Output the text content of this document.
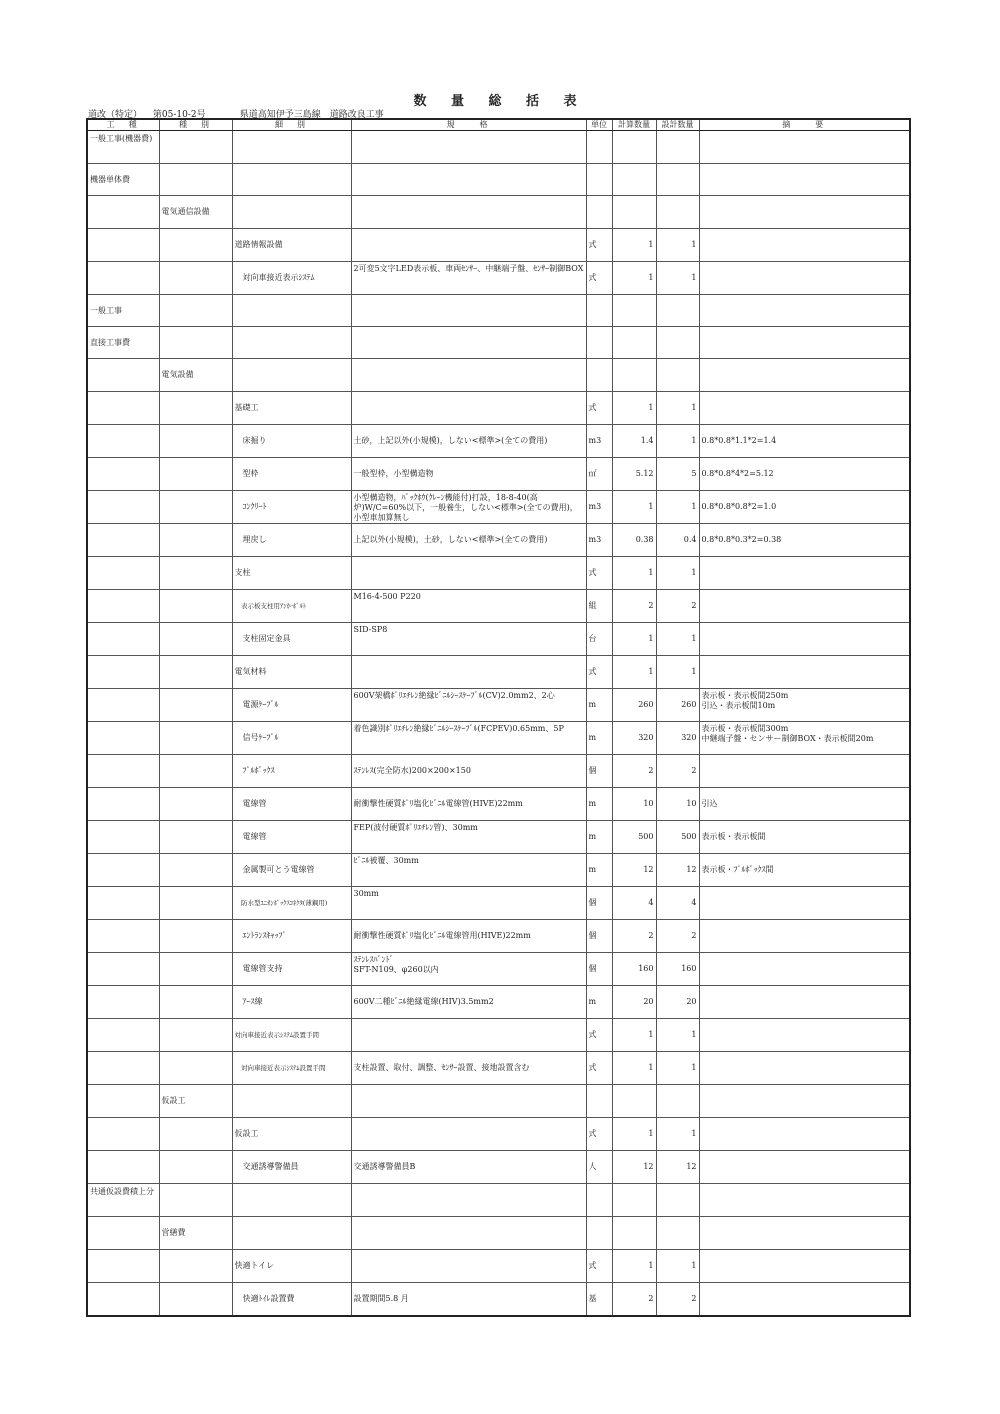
数 量 総 括 表
道改（特定） 第05-10-2号	県道高知伊予三島線　道路改良工事
工　種	種　別	細　別	規　　格	単位	計算数量	設計数量	摘　　要
一般工事(機器費)							
機器単体費							
	電気通信設備						
		道路情報設備		式	1	1	
		　対向車接近表示ｼｽﾃﾑ	2可変5文字LED表示板、車両ｾﾝｻｰ、中継端子盤、ｾﾝｻｰ制御BOX	式	1	1	
一般工事							
直接工事費							
	電気設備						
		基礎工		式	1	1	
		　床掘り	土砂，上記以外(小規模)，しない<標準>(全ての費用)	m3	1.4	1	0.8*0.8*1.1*2=1.4
		　型枠	一般型枠，小型構造物	㎡	5.12	5	0.8*0.8*4*2=5.12
		　ｺﾝｸﾘｰﾄ	小型構造物，ﾊﾞｯｸﾎｳ(ｸﾚｰﾝ機能付)打設，18-8-40(高炉)W/C=60%以下，一般養生，しない<標準>(全ての費用)，小型車加算無し	m3	1	1	0.8*0.8*0.8*2=1.0
		　埋戻し	上記以外(小規模)，土砂，しない<標準>(全ての費用)	m3	0.38	0.4	0.8*0.8*0.3*2=0.38
		支柱		式	1	1	
		　表示板支柱用ｱﾝｶｰﾎﾞﾙﾄ	M16-4-500 P220	組	2	2	
		　支柱固定金具	SID-SP8	台	1	1	
		電気材料		式	1	1	
		　電源ｹｰﾌﾞﾙ	600V架橋ﾎﾟﾘｴﾁﾚﾝ絶縁ﾋﾞﾆﾙｼｰｽｹｰﾌﾞﾙ(CV)2.0mm2、2心	m	260	260	表示板・表示板間250m
引込・表示板間10m
		　信号ｹｰﾌﾞﾙ	着色識別ﾎﾟﾘｴﾁﾚﾝ絶縁ﾋﾞﾆﾙｼｰｽｹｰﾌﾞﾙ(FCPEV)0.65mm、5P	m	320	320	表示板・表示板間300m
中継端子盤・センサー制御BOX・表示板間20m
		　ﾌﾟﾙﾎﾞｯｸｽ	ｽﾃﾝﾚｽ(完全防水)200×200×150	個	2	2	
		　電線管	耐衝撃性硬質ﾎﾟﾘ塩化ﾋﾞﾆﾙ電線管(HIVE)22mm	m	10	10	引込
		　電線管	FEP(波付硬質ﾎﾟﾘｴﾁﾚﾝ管)、30mm	m	500	500	表示板・表示板間
		　金属製可とう電線管	ﾋﾞﾆﾙ被覆、30mm	m	12	12	表示板・ﾌﾟﾙﾎﾞｯｸｽ間
		　防水型ﾕﾆｵﾝﾎﾞｯｸｽｺﾈｸﾀ(薄鋼用)	30mm	個	4	4	
		　ｴﾝﾄﾗﾝｽｷｬｯﾌﾟ	耐衝撃性硬質ﾎﾟﾘ塩化ﾋﾞﾆﾙ電線管用(HIVE)22mm	個	2	2	
		　電線管支持	ｽﾃﾝﾚｽﾊﾞﾝﾄﾞ
SFT-N109、φ260以内	個	160	160	
		　ｱｰｽ線	600V二種ﾋﾞﾆﾙ絶縁電線(HIV)3.5mm2	m	20	20	
		対向車接近表示ｼｽﾃﾑ設置手間		式	1	1	
		　対向車接近表示ｼｽﾃﾑ設置手間	支柱設置、取付、調整、ｾﾝｻｰ設置、接地設置含む	式	1	1	
	仮設工						
		仮設工		式	1	1	
		　交通誘導警備員	交通誘導警備員B	人	12	12	
共通仮設費積上分							
	営繕費						
		快適トイレ		式	1	1	
		　快適ﾄｲﾚ設置費	設置期間5.8 月	基	2	2	
